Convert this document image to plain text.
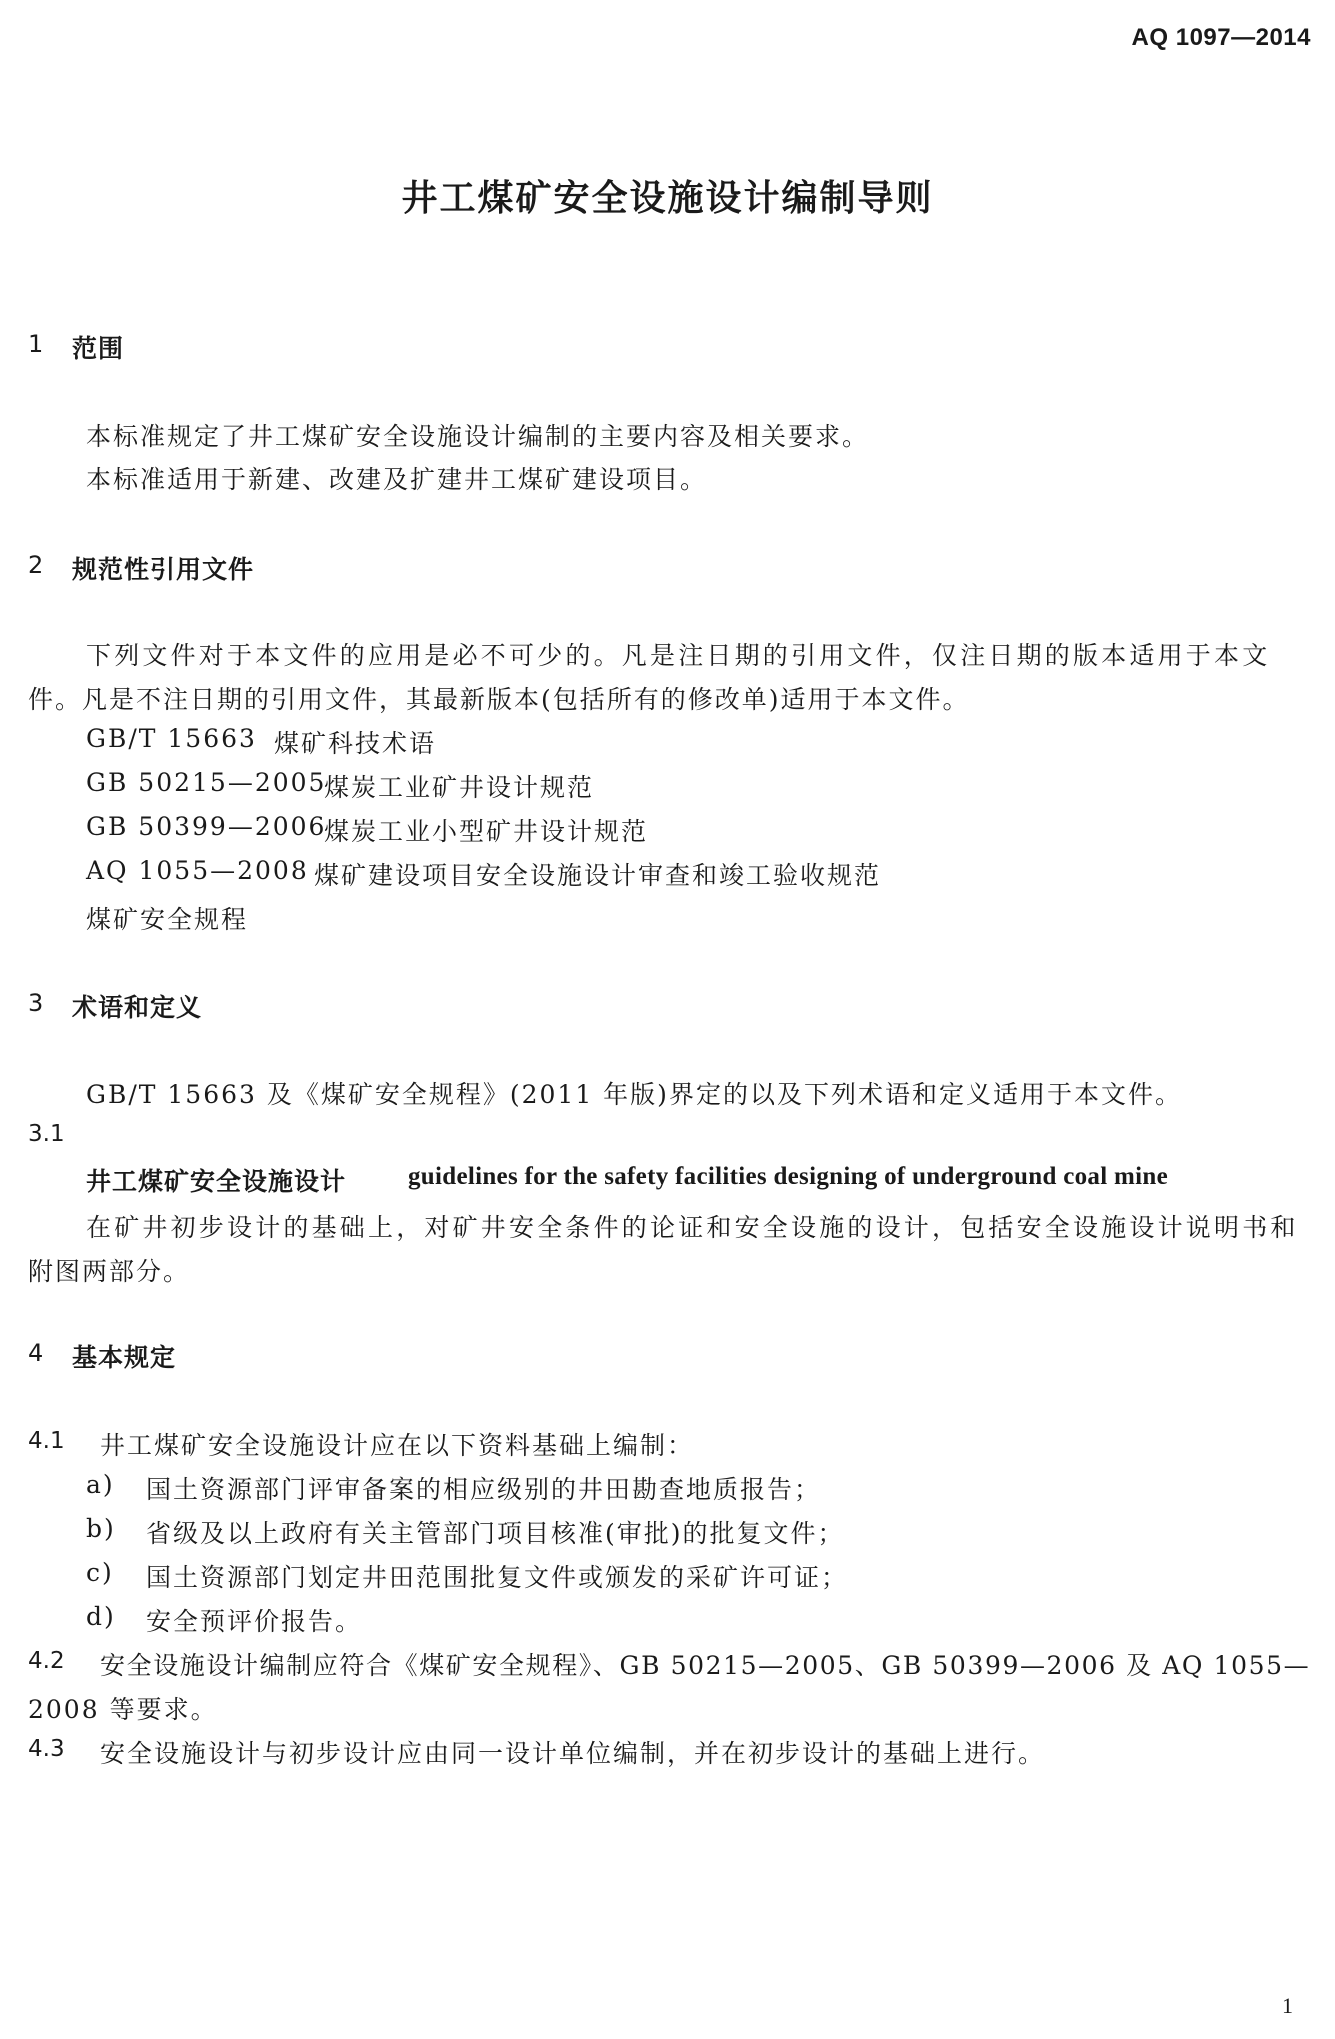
AQ 1097—2014
井工煤矿安全设施设计编制导则
1 范围
本标准规定了井工煤矿安全设施设计编制的主要内容及相关要求。
本标准适用于新建、改建及扩建井工煤矿建设项目。
2 规范性引用文件
下列文件对于本文件的应用是必不可少的。凡是注日期的引用文件，仅注日期的版本适用于本文
件。凡是不注日期的引用文件，其最新版本(包括所有的修改单)适用于本文件。
GB/T 15663 煤矿科技术语
GB 50215—2005
煤炭工业矿井设计规范
GB 50399—2006
煤炭工业小型矿井设计规范
AQ 1055—2008 煤矿建设项目安全设施设计审查和竣工验收规范
煤矿安全规程
3 术语和定义
GB/T 15663 及《煤矿安全规程》(2011 年版)界定的以及下列术语和定义适用于本文件。
3.1
井工煤矿安全设施设计 guidelines for the safety facilities designing of underground coal mine
在矿井初步设计的基础上，对矿井安全条件的论证和安全设施的设计，包括安全设施设计说明书和
附图两部分。
4 基本规定
4.1 井工煤矿安全设施设计应在以下资料基础上编制：
a) 国土资源部门评审备案的相应级别的井田勘查地质报告；
b) 省级及以上政府有关主管部门项目核准(审批)的批复文件；
c) 国土资源部门划定井田范围批复文件或颁发的采矿许可证；
d) 安全预评价报告。
4.2 安全设施设计编制应符合《煤矿安全规程》、GB 50215—2005、GB 50399—2006 及 AQ 1055—
2008 等要求。
4.3 安全设施设计与初步设计应由同一设计单位编制，并在初步设计的基础上进行。
1
